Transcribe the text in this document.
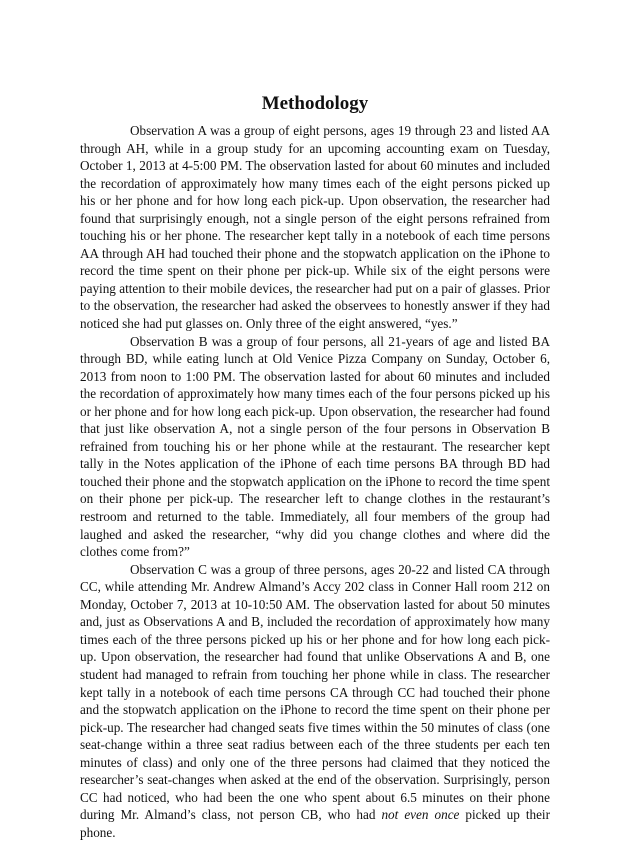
Methodology

Observation A was a group of eight persons, ages 19 through 23 and listed AA through AH, while in a group study for an upcoming accounting exam on Tuesday, October 1, 2013 at 4-5:00 PM. The observation lasted for about 60 minutes and included the recordation of approximately how many times each of the eight persons picked up his or her phone and for how long each pick-up. Upon observation, the researcher had found that surprisingly enough, not a single person of the eight persons refrained from touching his or her phone. The researcher kept tally in a notebook of each time persons AA through AH had touched their phone and the stopwatch application on the iPhone to record the time spent on their phone per pick-up. While six of the eight persons were paying attention to their mobile devices, the researcher had put on a pair of glasses. Prior to the observation, the researcher had asked the observees to honestly answer if they had noticed she had put glasses on. Only three of the eight answered, “yes.”

Observation B was a group of four persons, all 21-years of age and listed BA through BD, while eating lunch at Old Venice Pizza Company on Sunday, October 6, 2013 from noon to 1:00 PM. The observation lasted for about 60 minutes and included the recordation of approximately how many times each of the four persons picked up his or her phone and for how long each pick-up. Upon observation, the researcher had found that just like observation A, not a single person of the four persons in Observation B refrained from touching his or her phone while at the restaurant. The researcher kept tally in the Notes application of the iPhone of each time persons BA through BD had touched their phone and the stopwatch application on the iPhone to record the time spent on their phone per pick-up. The researcher left to change clothes in the restaurant’s restroom and returned to the table. Immediately, all four members of the group had laughed and asked the researcher, “why did you change clothes and where did the clothes come from?”

Observation C was a group of three persons, ages 20-22 and listed CA through CC, while attending Mr. Andrew Almand’s Accy 202 class in Conner Hall room 212 on Monday, October 7, 2013 at 10-10:50 AM. The observation lasted for about 50 minutes and, just as Observations A and B, included the recordation of approximately how many times each of the three persons picked up his or her phone and for how long each pick-up. Upon observation, the researcher had found that unlike Observations A and B, one student had managed to refrain from touching her phone while in class. The researcher kept tally in a notebook of each time persons CA through CC had touched their phone and the stopwatch application on the iPhone to record the time spent on their phone per pick-up. The researcher had changed seats five times within the 50 minutes of class (one seat-change within a three seat radius between each of the three students per each ten minutes of class) and only one of the three persons had claimed that they noticed the researcher’s seat-changes when asked at the end of the observation. Surprisingly, person CC had noticed, who had been the one who spent about 6.5 minutes on their phone during Mr. Almand’s class, not person CB, who had not even once picked up their phone.
